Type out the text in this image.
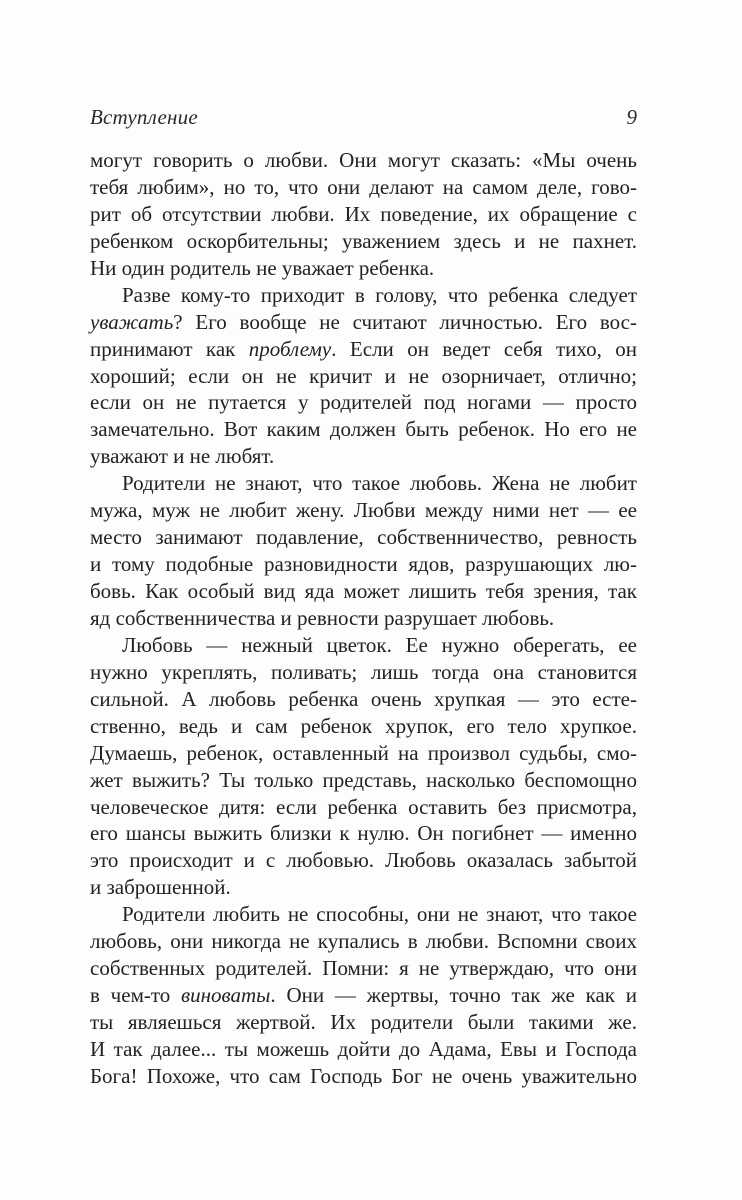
Вступление	9
могут говорить о любви. Они могут сказать: «Мы очень
тебя любим», но то, что они делают на самом деле, гово-
рит об отсутствии любви. Их поведение, их обращение с
ребенком оскорбительны; уважением здесь и не пахнет.
Ни один родитель не уважает ребенка.
Разве кому-то приходит в голову, что ребенка следует
уважать? Его вообще не считают личностью. Его вос-
принимают как проблему. Если он ведет себя тихо, он
хороший; если он не кричит и не озорничает, отлично;
если он не путается у родителей под ногами — просто
замечательно. Вот каким должен быть ребенок. Но его не
уважают и не любят.
Родители не знают, что такое любовь. Жена не любит
мужа, муж не любит жену. Любви между ними нет — ее
место занимают подавление, собственничество, ревность
и тому подобные разновидности ядов, разрушающих лю-
бовь. Как особый вид яда может лишить тебя зрения, так
яд собственничества и ревности разрушает любовь.
Любовь — нежный цветок. Ее нужно оберегать, ее
нужно укреплять, поливать; лишь тогда она становится
сильной. А любовь ребенка очень хрупкая — это есте-
ственно, ведь и сам ребенок хрупок, его тело хрупкое.
Думаешь, ребенок, оставленный на произвол судьбы, смо-
жет выжить? Ты только представь, насколько беспомощно
человеческое дитя: если ребенка оставить без присмотра,
его шансы выжить близки к нулю. Он погибнет — именно
это происходит и с любовью. Любовь оказалась забытой
и заброшенной.
Родители любить не способны, они не знают, что такое
любовь, они никогда не купались в любви. Вспомни своих
собственных родителей. Помни: я не утверждаю, что они
в чем-то виноваты. Они — жертвы, точно так же как и
ты являешься жертвой. Их родители были такими же.
И так далее... ты можешь дойти до Адама, Евы и Господа
Бога! Похоже, что сам Господь Бог не очень уважительно
